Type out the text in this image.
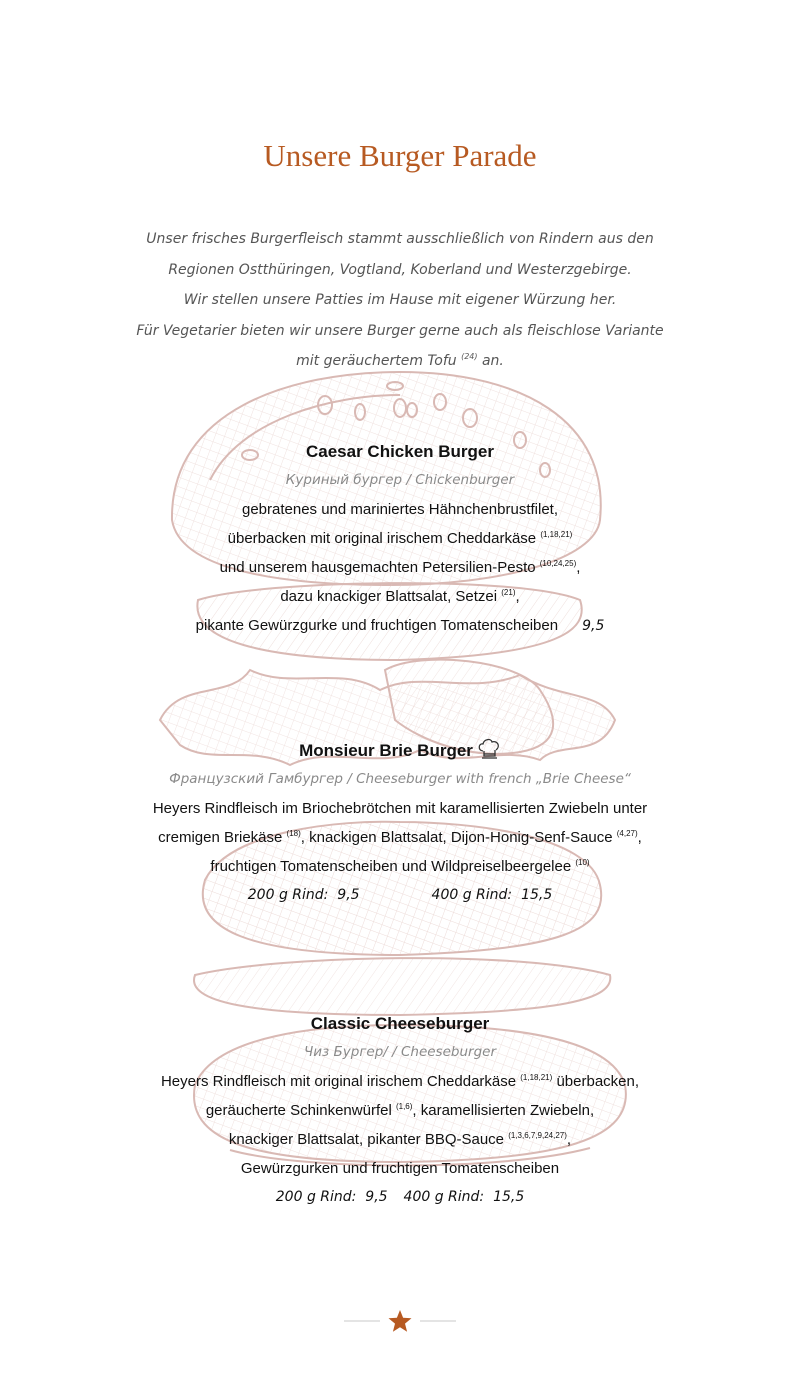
Unsere Burger Parade
Unser frisches Burgerfleisch stammt ausschließlich von Rindern aus den
Regionen Ostthüringen, Vogtland, Koberland und Westerzgebirge.
Wir stellen unsere Patties im Hause mit eigener Würzung her.
Für Vegetarier bieten wir unsere Burger gerne auch als fleischlose Variante
mit geräuchertem Tofu $^{(24)}$ an.
Caesar Chicken Burger
Куриный бургер / Chickenburger
gebratenes und mariniertes Hähnchenbrustfilet,
überbacken mit original irischem Cheddarkäse $^{(1,18,21)}$
und unserem hausgemachten Petersilien-Pesto $^{(10,24,25)}$,
dazu knackiger Blattsalat, Setzei $^{(21)}$,
pikante Gewürzgurke und fruchtigen Tomatenscheiben 9,5
Monsieur Brie Burger
Французский Гамбургер / Cheeseburger with french „Brie Cheese“
Heyers Rindfleisch im Briochebrötchen mit karamellisierten Zwiebeln unter
cremigen Briekäse $^{(18)}$, knackigen Blattsalat, Dijon-Honig-Senf-Sauce $^{(4,27)}$,
fruchtigen Tomatenscheiben und Wildpreiselbeergelee $^{(10)}$
200 g Rind: 9,5	400 g Rind: 15,5
Classic Cheeseburger
Чиз Бургер/ / Cheeseburger
Heyers Rindfleisch mit original irischem Cheddarkäse $^{(1,18,21)}$ überbacken,
geräucherte Schinkenwürfel $^{(1,6)}$, karamellisierten Zwiebeln,
knackiger Blattsalat, pikanter BBQ-Sauce $^{(1,3,6,7,9,24,27)}$,
Gewürzgurken und fruchtigen Tomatenscheiben
200 g Rind: 9,5 400 g Rind: 15,5
